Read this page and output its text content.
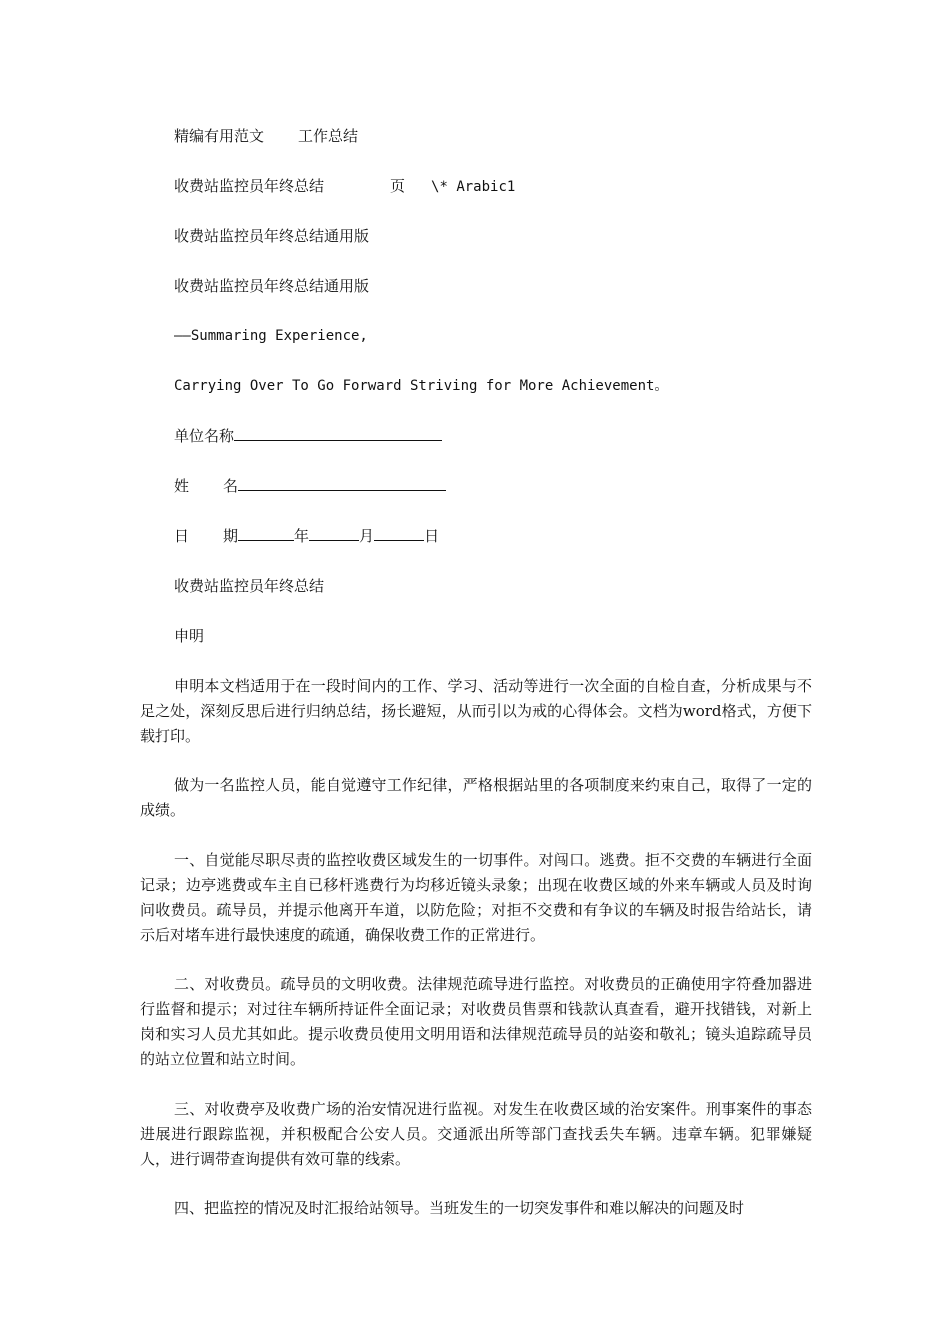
精编有用范文 工作总结
收费站监控员年终总结	页 \* Arabic1
收费站监控员年终总结通用版
收费站监控员年终总结通用版
——Summaring Experience,
Carrying Over To Go Forward Striving for More Achievement。
单位名称
姓 名
日 期	年	月	日
收费站监控员年终总结
申明
申明本文档适用于在一段时间内的工作、学习、活动等进行一次全面的自检自查，分析成果与不足之处，深刻反思后进行归纳总结，扬长避短，从而引以为戒的心得体会。文档为word格式，方便下载打印。
做为一名监控人员，能自觉遵守工作纪律，严格根据站里的各项制度来约束自己，取得了一定的成绩。
一、自觉能尽职尽责的监控收费区域发生的一切事件。对闯口。逃费。拒不交费的车辆进行全面记录；边亭逃费或车主自已移杆逃费行为均移近镜头录象；出现在收费区域的外来车辆或人员及时询问收费员。疏导员，并提示他离开车道，以防危险；对拒不交费和有争议的车辆及时报告给站长，请示后对堵车进行最快速度的疏通，确保收费工作的正常进行。
二、对收费员。疏导员的文明收费。法律规范疏导进行监控。对收费员的正确使用字符叠加器进行监督和提示；对过往车辆所持证件全面记录；对收费员售票和钱款认真查看，避开找错钱，对新上岗和实习人员尤其如此。提示收费员使用文明用语和法律规范疏导员的站姿和敬礼；镜头追踪疏导员的站立位置和站立时间。
三、对收费亭及收费广场的治安情况进行监视。对发生在收费区域的治安案件。刑事案件的事态进展进行跟踪监视，并积极配合公安人员。交通派出所等部门查找丢失车辆。违章车辆。犯罪嫌疑人，进行调带查询提供有效可靠的线索。
四、把监控的情况及时汇报给站领导。当班发生的一切突发事件和难以解决的问题及时
